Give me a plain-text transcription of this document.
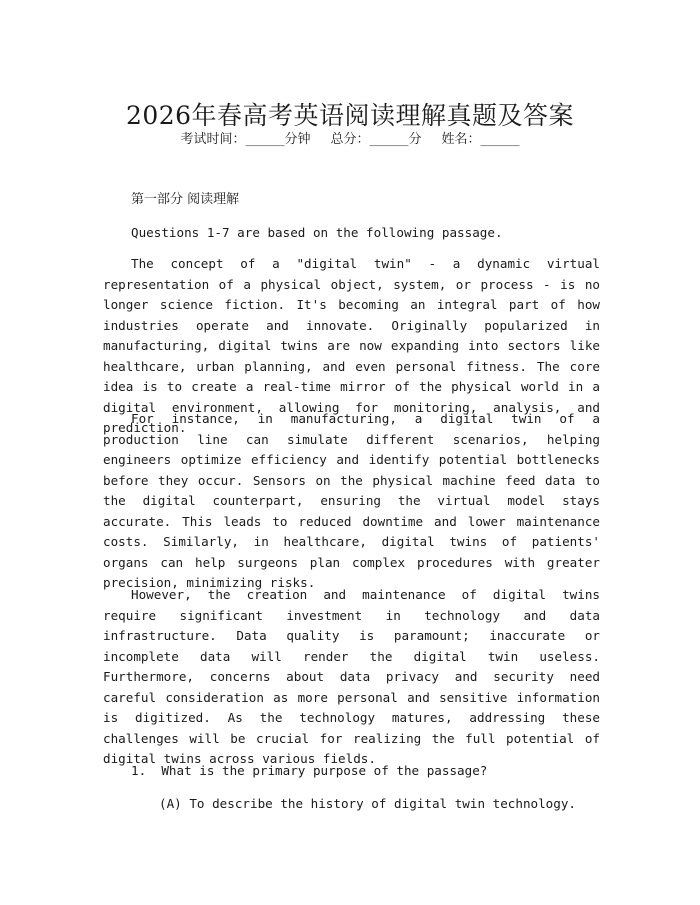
2026年春高考英语阅读理解真题及答案
考试时间：______分钟 总分：______分 姓名：______
第一部分 阅读理解
Questions 1-7 are based on the following passage.

The concept of a "digital twin" - a dynamic virtual representation of a physical object, system, or process - is no longer science fiction. It's becoming an integral part of how industries operate and innovate. Originally popularized in manufacturing, digital twins are now expanding into sectors like healthcare, urban planning, and even personal fitness. The core idea is to create a real-time mirror of the physical world in a digital environment, allowing for monitoring, analysis, and prediction.

For instance, in manufacturing, a digital twin of a production line can simulate different scenarios, helping engineers optimize efficiency and identify potential bottlenecks before they occur. Sensors on the physical machine feed data to the digital counterpart, ensuring the virtual model stays accurate. This leads to reduced downtime and lower maintenance costs. Similarly, in healthcare, digital twins of patients' organs can help surgeons plan complex procedures with greater precision, minimizing risks.

However, the creation and maintenance of digital twins require significant investment in technology and data infrastructure. Data quality is paramount; inaccurate or incomplete data will render the digital twin useless. Furthermore, concerns about data privacy and security need careful consideration as more personal and sensitive information is digitized. As the technology matures, addressing these challenges will be crucial for realizing the full potential of digital twins across various fields.

1.  What is the primary purpose of the passage?
(A) To describe the history of digital twin technology.
